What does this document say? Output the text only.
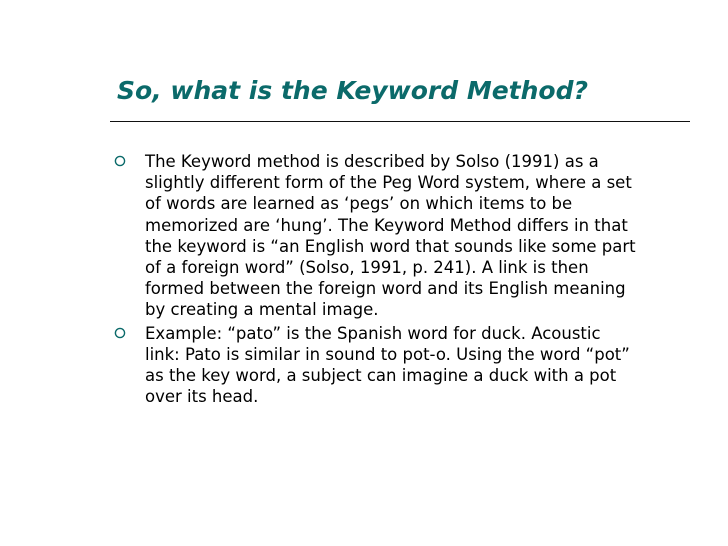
So, what is the Keyword Method?
The Keyword method is described by Solso (1991) as a
slightly different form of the Peg Word system, where a set
of words are learned as ‘pegs’ on which items to be
memorized are ‘hung’. The Keyword Method differs in that
the keyword is “an English word that sounds like some part
of a foreign word” (Solso, 1991, p. 241). A link is then
formed between the foreign word and its English meaning
by creating a mental image.
Example: “pato” is the Spanish word for duck. Acoustic
link: Pato is similar in sound to pot-o. Using the word “pot”
as the key word, a subject can imagine a duck with a pot
over its head.
